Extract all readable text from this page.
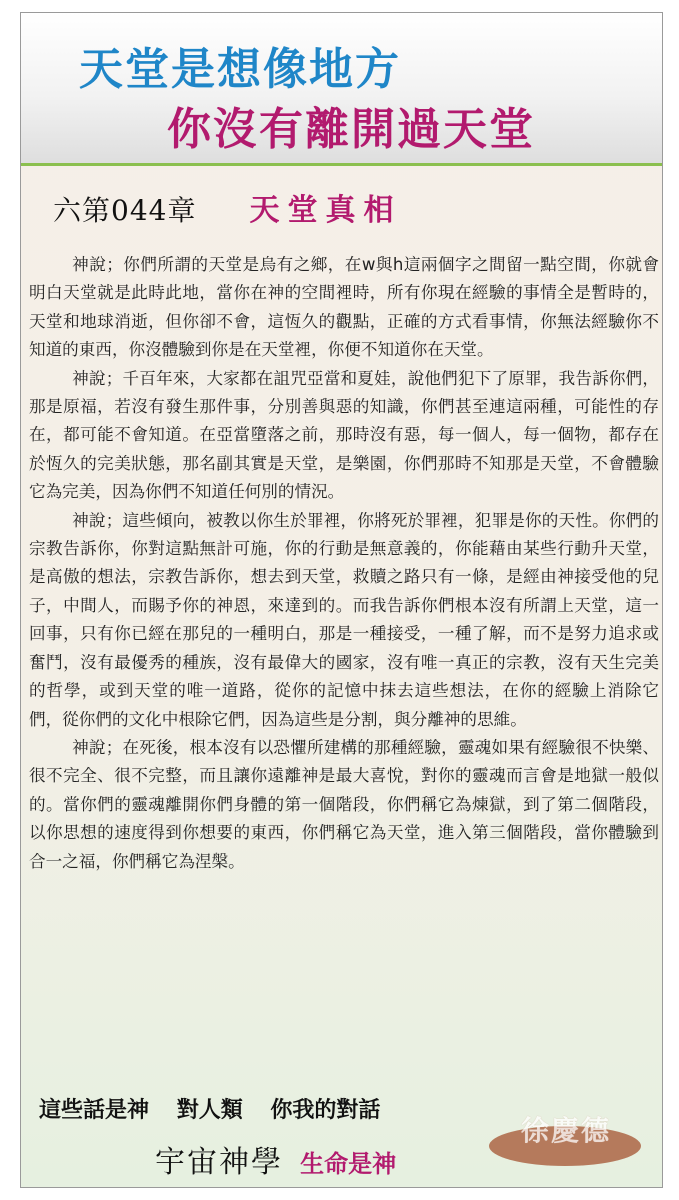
天堂是想像地方
你沒有離開過天堂
六第044章 天堂真相

神說；你們所謂的天堂是烏有之鄉，在w與h這兩個字之間留一點空間，你就會明白天堂就是此時此地，當你在神的空間裡時，所有你現在經驗的事情全是暫時的，天堂和地球消逝，但你卻不會，這恆久的觀點，正確的方式看事情，你無法經驗你不知道的東西，你沒體驗到你是在天堂裡，你便不知道你在天堂。

神說；千百年來，大家都在詛咒亞當和夏娃，說他們犯下了原罪，我告訴你們，那是原福，若沒有發生那件事，分別善與惡的知識，你們甚至連這兩種，可能性的存在，都可能不會知道。在亞當墮落之前，那時沒有惡，每一個人，每一個物，都存在於恆久的完美狀態，那名副其實是天堂，是樂園，你們那時不知那是天堂，不會體驗它為完美，因為你們不知道任何別的情況。

神說；這些傾向，被教以你生於罪裡，你將死於罪裡，犯罪是你的天性。你們的宗教告訴你，你對這點無計可施，你的行動是無意義的，你能藉由某些行動升天堂，是高傲的想法，宗教告訴你，想去到天堂，救贖之路只有一條，是經由神接受他的兒子，中間人，而賜予你的神恩，來達到的。而我告訴你們根本沒有所謂上天堂，這一回事，只有你已經在那兒的一種明白，那是一種接受，一種了解，而不是努力追求或奮鬥，沒有最優秀的種族，沒有最偉大的國家，沒有唯一真正的宗教，沒有天生完美的哲學，或到天堂的唯一道路，從你的記憶中抹去這些想法，在你的經驗上消除它們，從你們的文化中根除它們，因為這些是分割，與分離神的思維。

神說；在死後，根本沒有以恐懼所建構的那種經驗，靈魂如果有經驗很不快樂、很不完全、很不完整，而且讓你遠離神是最大喜悅，對你的靈魂而言會是地獄一般似的。當你們的靈魂離開你們身體的第一個階段，你們稱它為煉獄，到了第二個階段，以你思想的速度得到你想要的東西，你們稱它為天堂，進入第三個階段，當你體驗到合一之福，你們稱它為涅槃。

這些話是神 對人類 你我的對話
宇宙神學 生命是神
徐慶德
